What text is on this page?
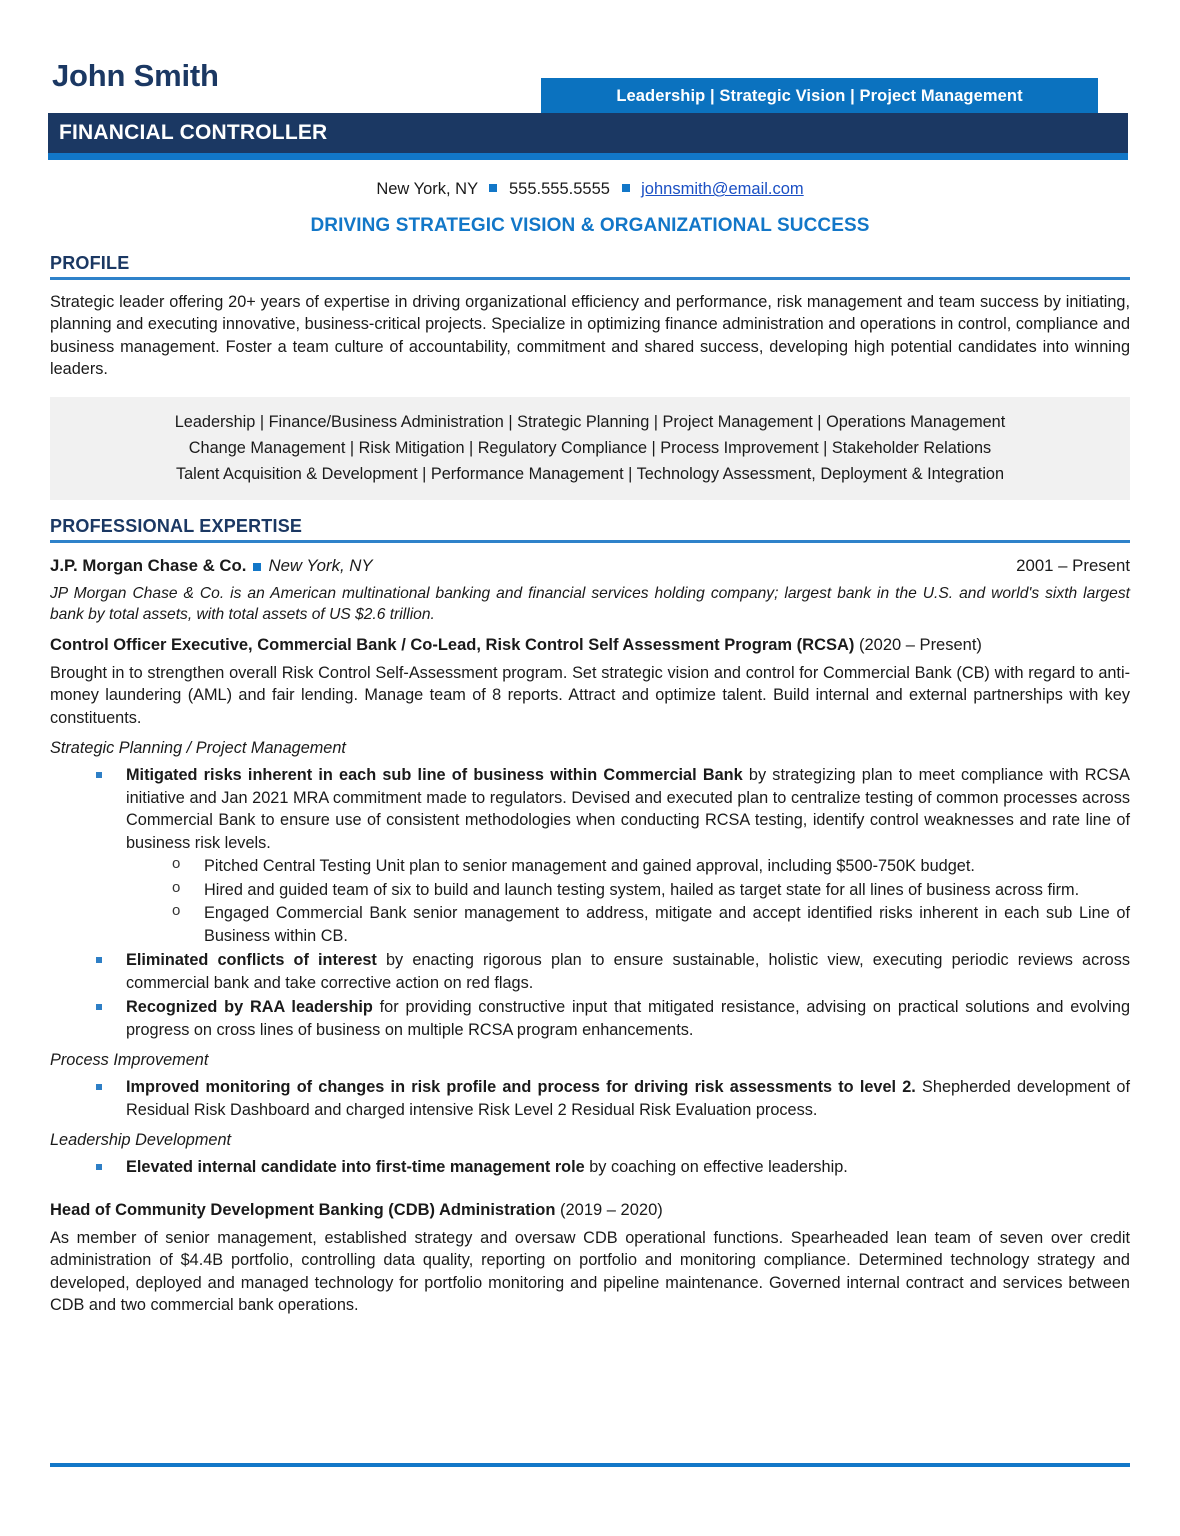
John Smith
Leadership | Strategic Vision | Project Management
FINANCIAL CONTROLLER
New York, NY 555.555.5555 johnsmith@email.com
DRIVING STRATEGIC VISION & ORGANIZATIONAL SUCCESS
PROFILE
Strategic leader offering 20+ years of expertise in driving organizational efficiency and performance, risk management and team success by initiating, planning and executing innovative, business-critical projects. Specialize in optimizing finance administration and operations in control, compliance and business management. Foster a team culture of accountability, commitment and shared success, developing high potential candidates into winning leaders.
Leadership | Finance/Business Administration | Strategic Planning | Project Management | Operations Management
Change Management | Risk Mitigation | Regulatory Compliance | Process Improvement | Stakeholder Relations
Talent Acquisition & Development | Performance Management | Technology Assessment, Deployment & Integration
PROFESSIONAL EXPERTISE
J.P. Morgan Chase & Co. New York, NY	2001 – Present
JP Morgan Chase & Co. is an American multinational banking and financial services holding company; largest bank in the U.S. and world's sixth largest bank by total assets, with total assets of US $2.6 trillion.
Control Officer Executive, Commercial Bank / Co-Lead, Risk Control Self Assessment Program (RCSA) (2020 – Present)
Brought in to strengthen overall Risk Control Self-Assessment program. Set strategic vision and control for Commercial Bank (CB) with regard to anti-money laundering (AML) and fair lending. Manage team of 8 reports. Attract and optimize talent. Build internal and external partnerships with key constituents.
Strategic Planning / Project Management
Mitigated risks inherent in each sub line of business within Commercial Bank by strategizing plan to meet compliance with RCSA initiative and Jan 2021 MRA commitment made to regulators. Devised and executed plan to centralize testing of common processes across Commercial Bank to ensure use of consistent methodologies when conducting RCSA testing, identify control weaknesses and rate line of business risk levels.
o Pitched Central Testing Unit plan to senior management and gained approval, including $500-750K budget.
o Hired and guided team of six to build and launch testing system, hailed as target state for all lines of business across firm.
o Engaged Commercial Bank senior management to address, mitigate and accept identified risks inherent in each sub Line of Business within CB.
Eliminated conflicts of interest by enacting rigorous plan to ensure sustainable, holistic view, executing periodic reviews across commercial bank and take corrective action on red flags.
Recognized by RAA leadership for providing constructive input that mitigated resistance, advising on practical solutions and evolving progress on cross lines of business on multiple RCSA program enhancements.
Process Improvement
Improved monitoring of changes in risk profile and process for driving risk assessments to level 2. Shepherded development of Residual Risk Dashboard and charged intensive Risk Level 2 Residual Risk Evaluation process.
Leadership Development
Elevated internal candidate into first-time management role by coaching on effective leadership.
Head of Community Development Banking (CDB) Administration (2019 – 2020)
As member of senior management, established strategy and oversaw CDB operational functions. Spearheaded lean team of seven over credit administration of $4.4B portfolio, controlling data quality, reporting on portfolio and monitoring compliance. Determined technology strategy and developed, deployed and managed technology for portfolio monitoring and pipeline maintenance. Governed internal contract and services between CDB and two commercial bank operations.
